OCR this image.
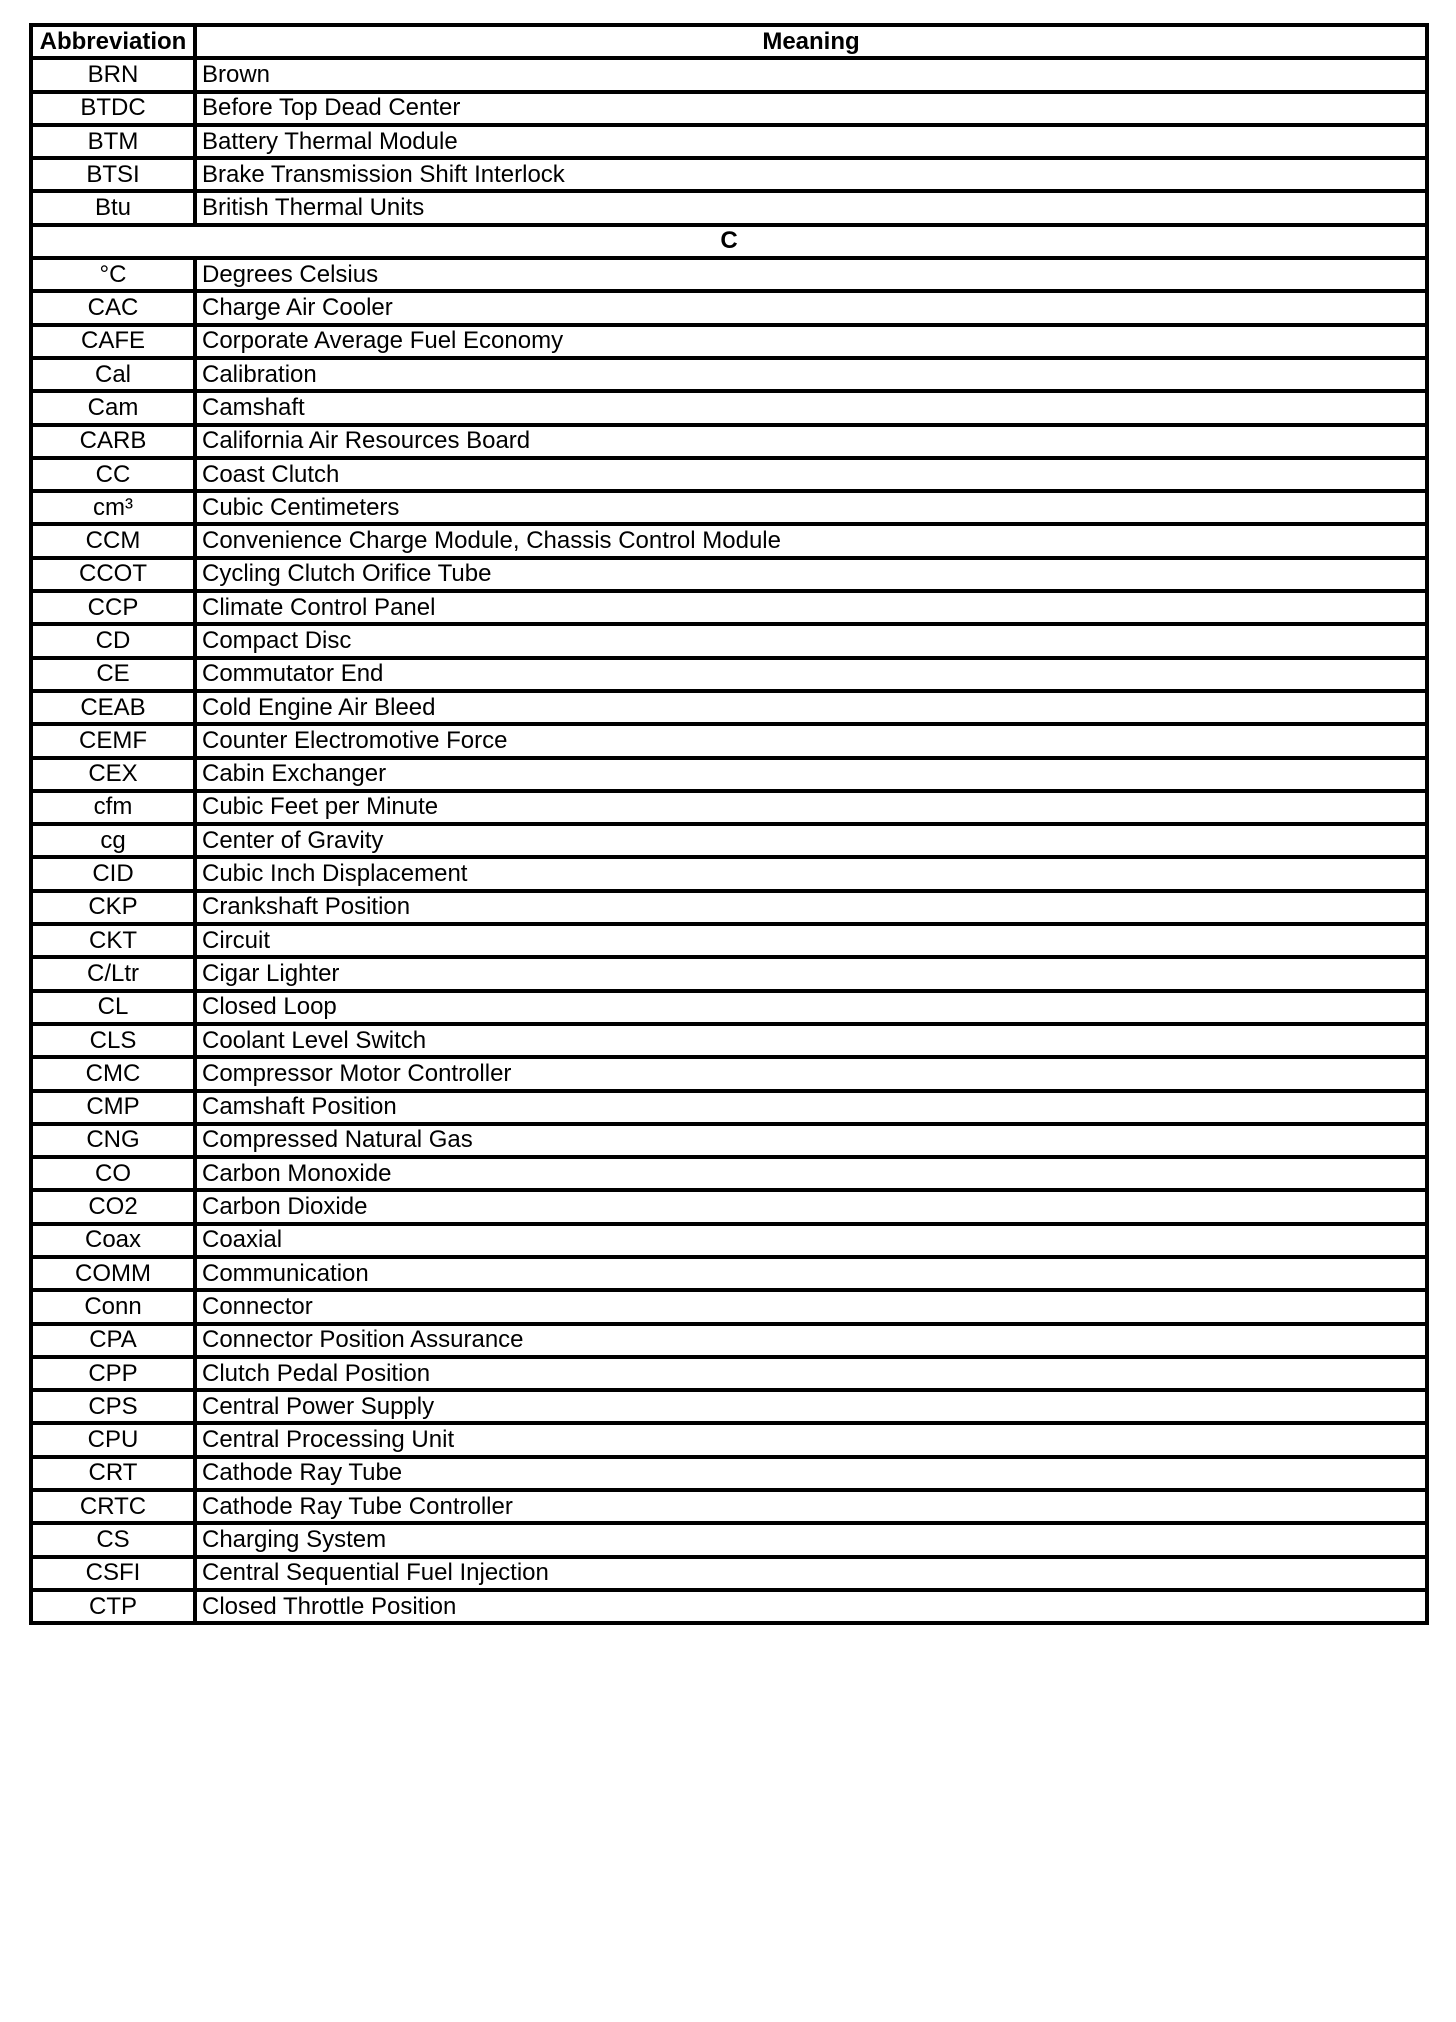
Abbreviation	Meaning
BRN	Brown
BTDC	Before Top Dead Center
BTM	Battery Thermal Module
BTSI	Brake Transmission Shift Interlock
Btu	British Thermal Units
C	
°C	Degrees Celsius
CAC	Charge Air Cooler
CAFE	Corporate Average Fuel Economy
Cal	Calibration
Cam	Camshaft
CARB	California Air Resources Board
CC	Coast Clutch
cm³	Cubic Centimeters
CCM	Convenience Charge Module, Chassis Control Module
CCOT	Cycling Clutch Orifice Tube
CCP	Climate Control Panel
CD	Compact Disc
CE	Commutator End
CEAB	Cold Engine Air Bleed
CEMF	Counter Electromotive Force
CEX	Cabin Exchanger
cfm	Cubic Feet per Minute
cg	Center of Gravity
CID	Cubic Inch Displacement
CKP	Crankshaft Position
CKT	Circuit
C/Ltr	Cigar Lighter
CL	Closed Loop
CLS	Coolant Level Switch
CMC	Compressor Motor Controller
CMP	Camshaft Position
CNG	Compressed Natural Gas
CO	Carbon Monoxide
CO2	Carbon Dioxide
Coax	Coaxial
COMM	Communication
Conn	Connector
CPA	Connector Position Assurance
CPP	Clutch Pedal Position
CPS	Central Power Supply
CPU	Central Processing Unit
CRT	Cathode Ray Tube
CRTC	Cathode Ray Tube Controller
CS	Charging System
CSFI	Central Sequential Fuel Injection
CTP	Closed Throttle Position
